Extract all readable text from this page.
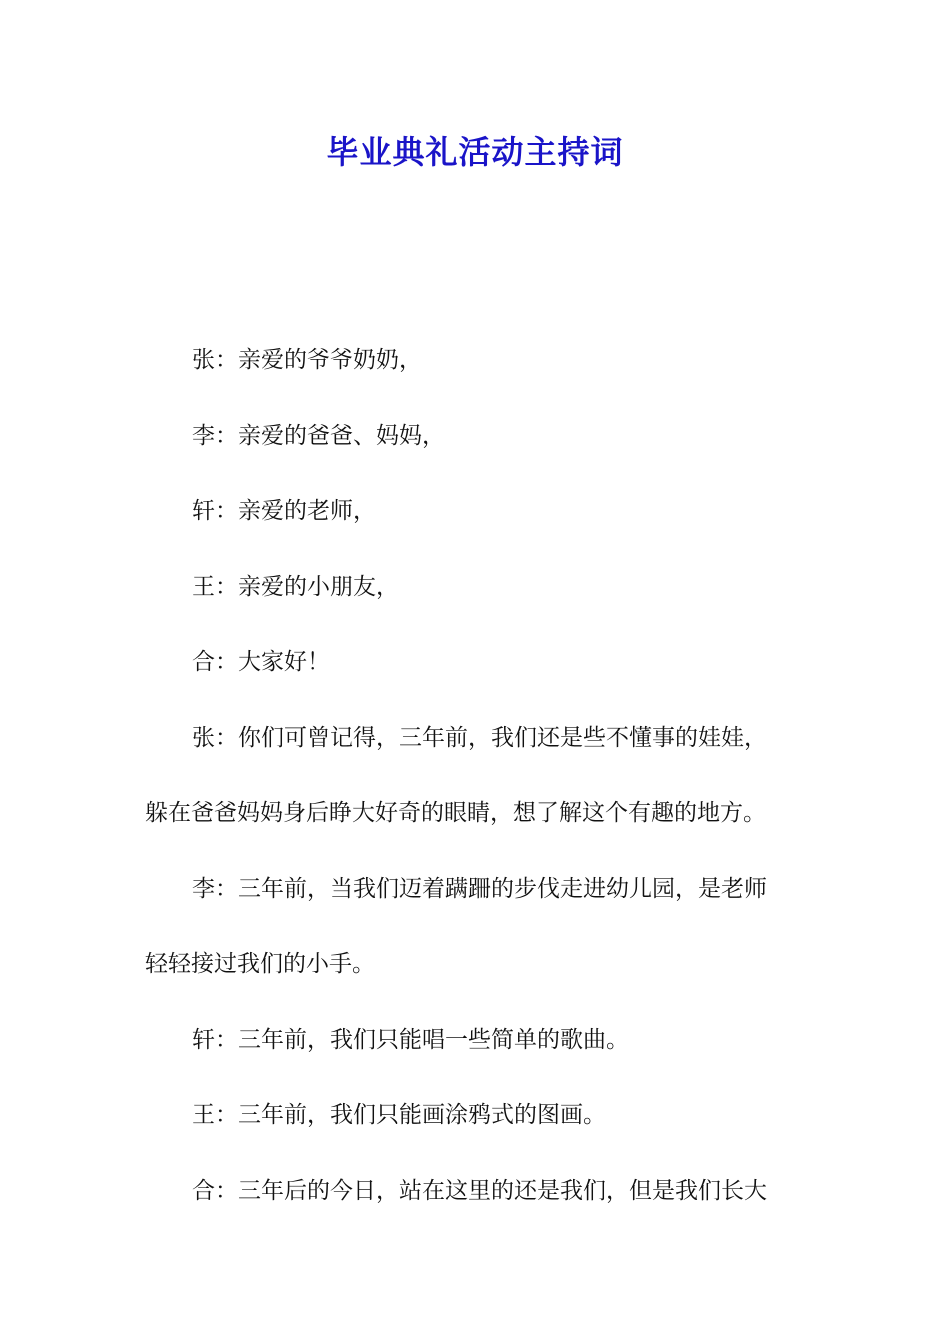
毕业典礼活动主持词
张：亲爱的爷爷奶奶，
李：亲爱的爸爸、妈妈，
轩：亲爱的老师，
王：亲爱的小朋友，
合：大家好！
张：你们可曾记得，三年前，我们还是些不懂事的娃娃，
躲在爸爸妈妈身后睁大好奇的眼睛，想了解这个有趣的地方。
李：三年前，当我们迈着蹒跚的步伐走进幼儿园，是老师
轻轻接过我们的小手。
轩：三年前，我们只能唱一些简单的歌曲。
王：三年前，我们只能画涂鸦式的图画。
合：三年后的今日，站在这里的还是我们，但是我们长大
